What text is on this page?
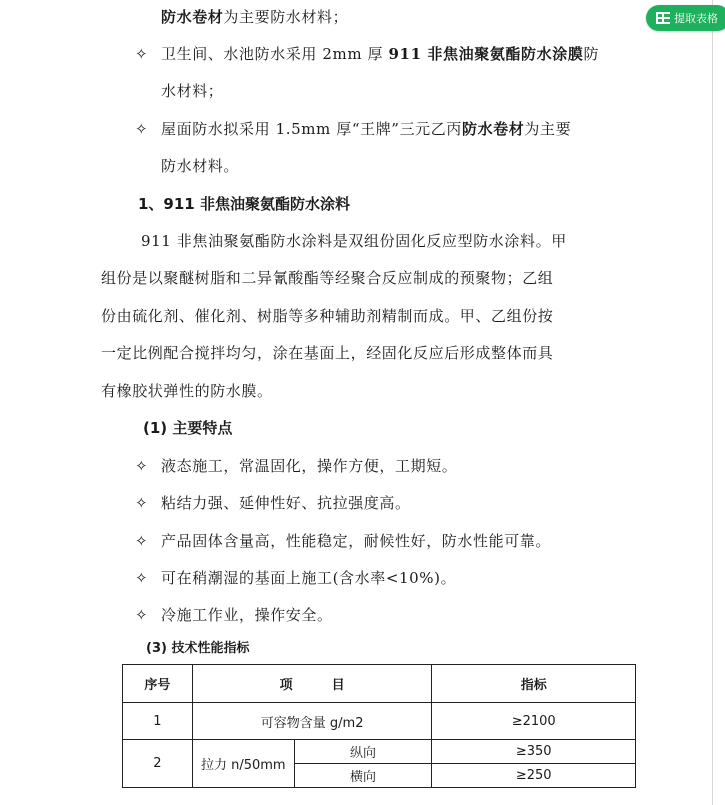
提取表格
防水卷材为主要防水材料；
✧ 卫生间、水池防水采用 2mm 厚 911 非焦油聚氨酯防水涂膜防
水材料；
✧ 屋面防水拟采用 1.5mm 厚“王牌”三元乙丙防水卷材为主要
防水材料。
1、911 非焦油聚氨酯防水涂料
911 非焦油聚氨酯防水涂料是双组份固化反应型防水涂料。甲
组份是以聚醚树脂和二异氰酸酯等经聚合反应制成的预聚物；乙组
份由硫化剂、催化剂、树脂等多种辅助剂精制而成。甲、乙组份按
一定比例配合搅拌均匀，涂在基面上，经固化反应后形成整体而具
有橡胶状弹性的防水膜。
(1) 主要特点
✧ 液态施工，常温固化，操作方便，工期短。
✧ 粘结力强、延伸性好、抗拉强度高。
✧ 产品固体含量高，性能稳定，耐候性好，防水性能可靠。
✧ 可在稍潮湿的基面上施工(含水率<10%)。
✧ 冷施工作业，操作安全。
(3) 技术性能指标
序号	项　　　目		指标
1	可容物含量 g/m2		≥2100
2	拉力 n/50mm	纵向	≥350
		横向	≥250
